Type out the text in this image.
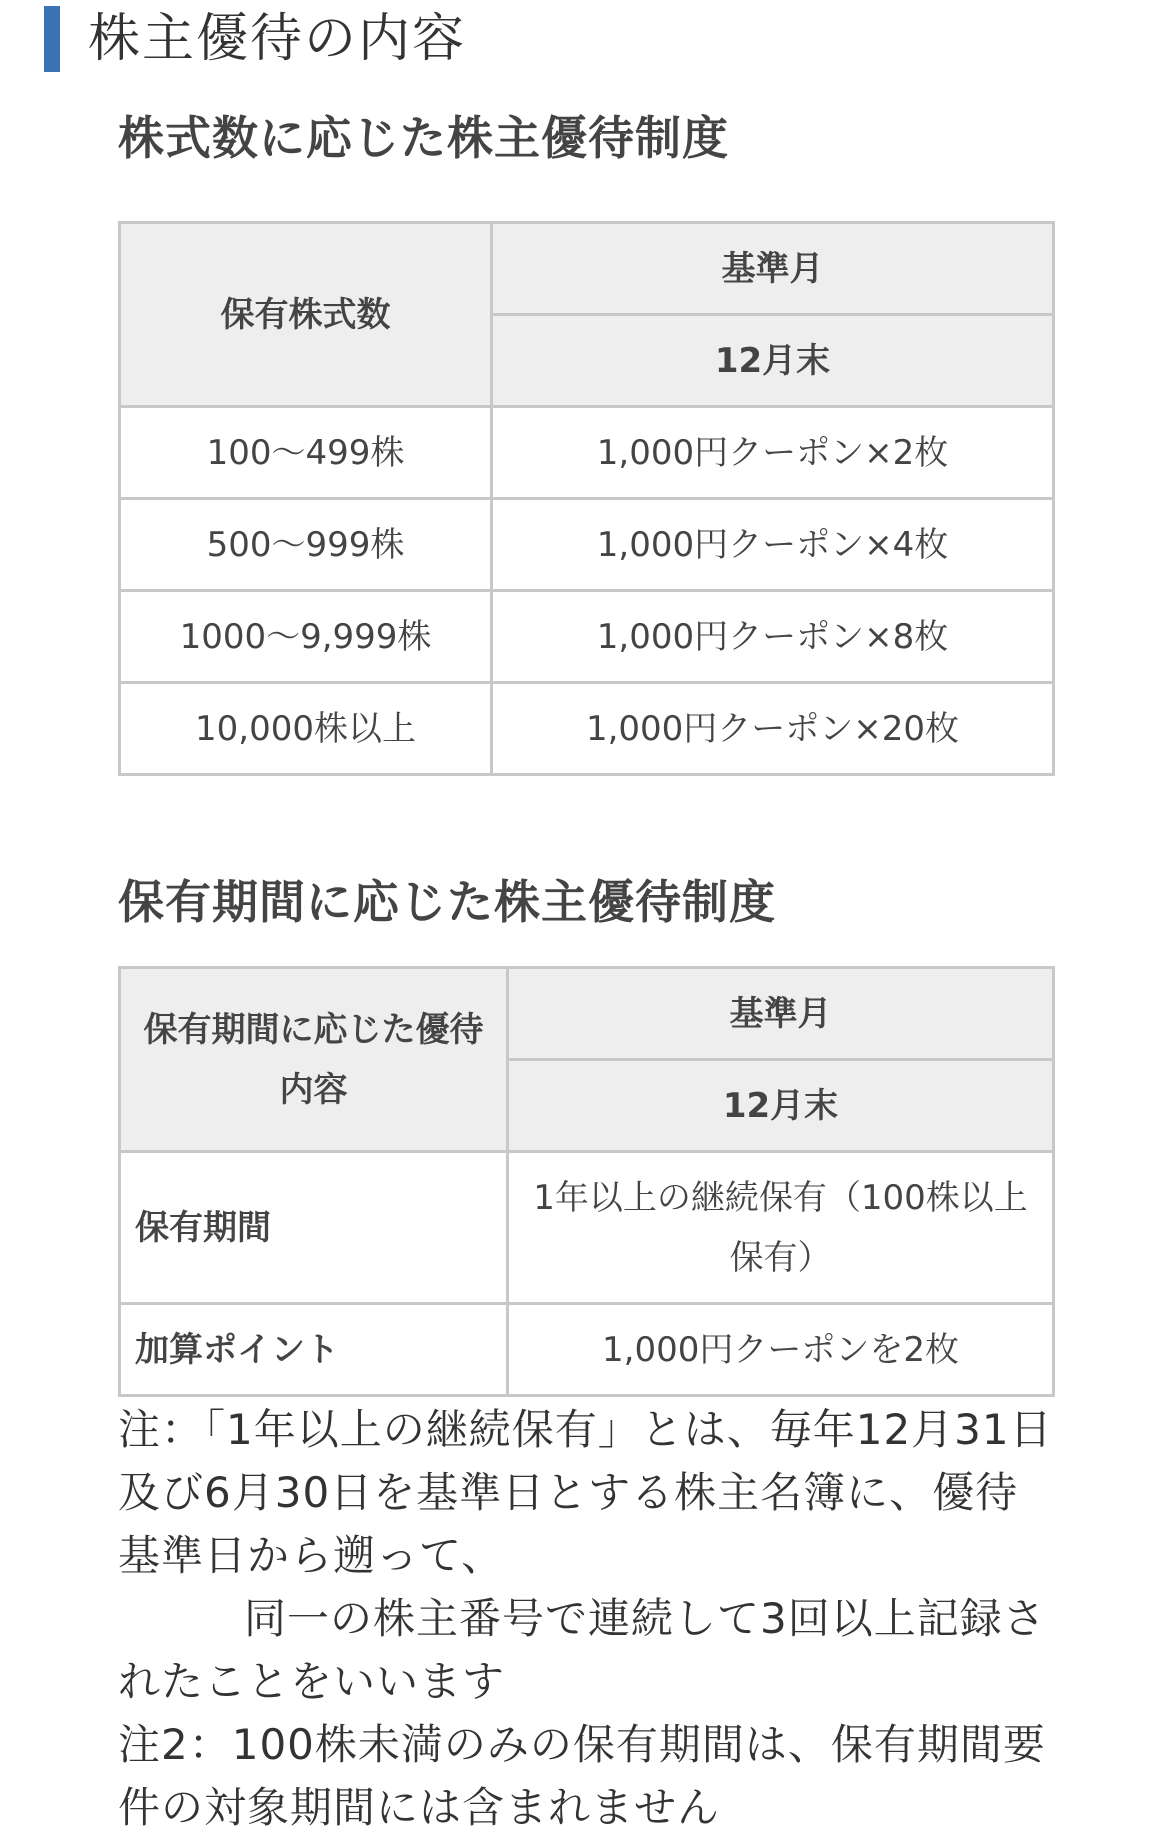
株主優待の内容
株式数に応じた株主優待制度
保有株式数	基準月
	12月末
100〜499株	1,000円クーポン×2枚
500〜999株	1,000円クーポン×4枚
1000〜9,999株	1,000円クーポン×8枚
10,000株以上	1,000円クーポン×20枚
保有期間に応じた株主優待制度
保有期間に応じた優待内容	基準月
	12月末
保有期間	1年以上の継続保有（100株以上保有）
加算ポイント	1,000円クーポンを2枚

注：「1年以上の継続保有」とは、毎年12月31日及び6月30日を基準日とする株主名簿に、優待基準日から遡って、

同一の株主番号で連続して3回以上記録されたことをいいます

注2：100株未満のみの保有期間は、保有期間要件の対象期間には含まれません
